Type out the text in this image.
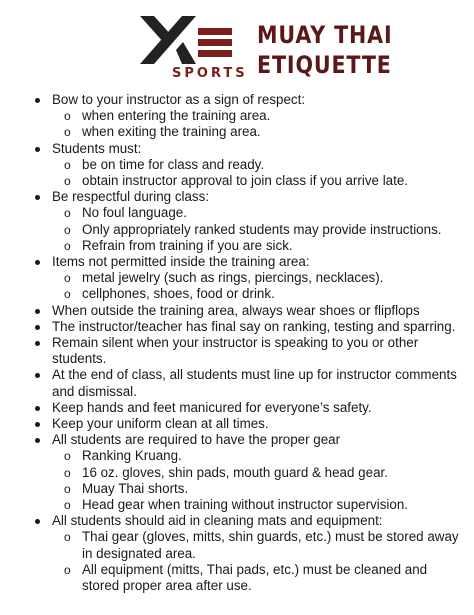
SPORTS
MUAY THAI
ETIQUETTE
Bow to your instructor as a sign of respect:
o when entering the training area.
o when exiting the training area.
Students must:
o be on time for class and ready.
o obtain instructor approval to join class if you arrive late.
Be respectful during class:
o No foul language.
o Only appropriately ranked students may provide instructions.
o Refrain from training if you are sick.
Items not permitted inside the training area:
o metal jewelry (such as rings, piercings, necklaces).
o cellphones, shoes, food or drink.
When outside the training area, always wear shoes or flipflops
The instructor/teacher has final say on ranking, testing and sparring.
Remain silent when your instructor is speaking to you or other students.
At the end of class, all students must line up for instructor comments and dismissal.
Keep hands and feet manicured for everyone’s safety.
Keep your uniform clean at all times.
All students are required to have the proper gear
o Ranking Kruang.
o 16 oz. gloves, shin pads, mouth guard & head gear.
o Muay Thai shorts.
o Head gear when training without instructor supervision.
All students should aid in cleaning mats and equipment:
o Thai gear (gloves, mitts, shin guards, etc.) must be stored away in designated area.
o All equipment (mitts, Thai pads, etc.) must be cleaned and stored proper area after use.
